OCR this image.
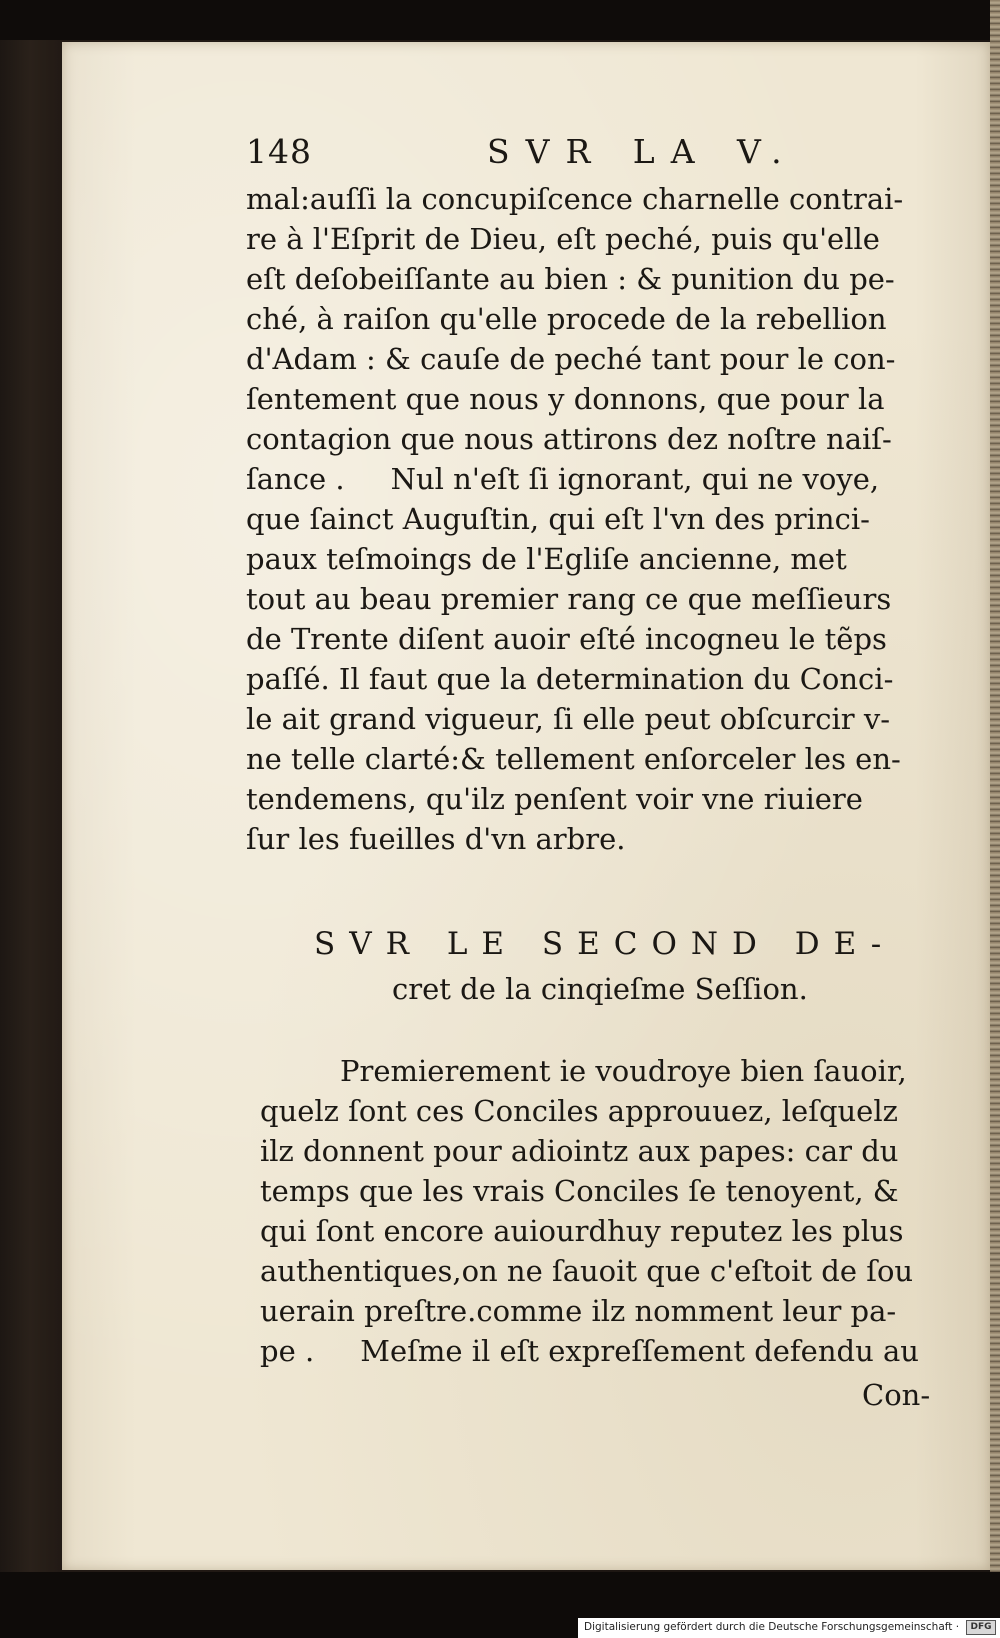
148	SVR LA V.
mal:auſſi la concupiſcence charnelle contrai-
re à l'Eſprit de Dieu, eſt peché, puis qu'elle
eſt deſobeiſſante au bien : & punition du pe-
ché, à raiſon qu'elle procede de la rebellion
d'Adam : & cauſe de peché tant pour le con-
ſentement que nous y donnons, que pour la
contagion que nous attirons dez noſtre naiſ-
ſance .     Nul n'eſt ſi ignorant, qui ne voye,
que ſainct Auguſtin, qui eſt l'vn des princi-
paux teſmoings de l'Egliſe ancienne, met
tout au beau premier rang ce que meſſieurs
de Trente diſent auoir eſté incogneu le tẽps
paſſé. Il faut que la determination du Conci-
le ait grand vigueur, ſi elle peut obſcurcir v-
ne telle clarté:& tellement enſorceler les en-
tendemens, qu'ilz penſent voir vne riuiere
ſur les fueilles d'vn arbre.
SVR LE SECOND DE-
cret de la cinqieſme Seſſion.
Premierement ie voudroye bien ſauoir,
quelz ſont ces Conciles approuuez, leſquelz
ilz donnent pour adiointz aux papes: car du
temps que les vrais Conciles ſe tenoyent, &
qui ſont encore auiourdhuy reputez les plus
authentiques,on ne ſauoit que c'eſtoit de ſou
uerain preſtre.comme ilz nomment leur pa-
pe .     Meſme il eſt expreſſement defendu au
Con-
Digitalisierung gefördert durch die Deutsche Forschungsgemeinschaft ·	DFG
